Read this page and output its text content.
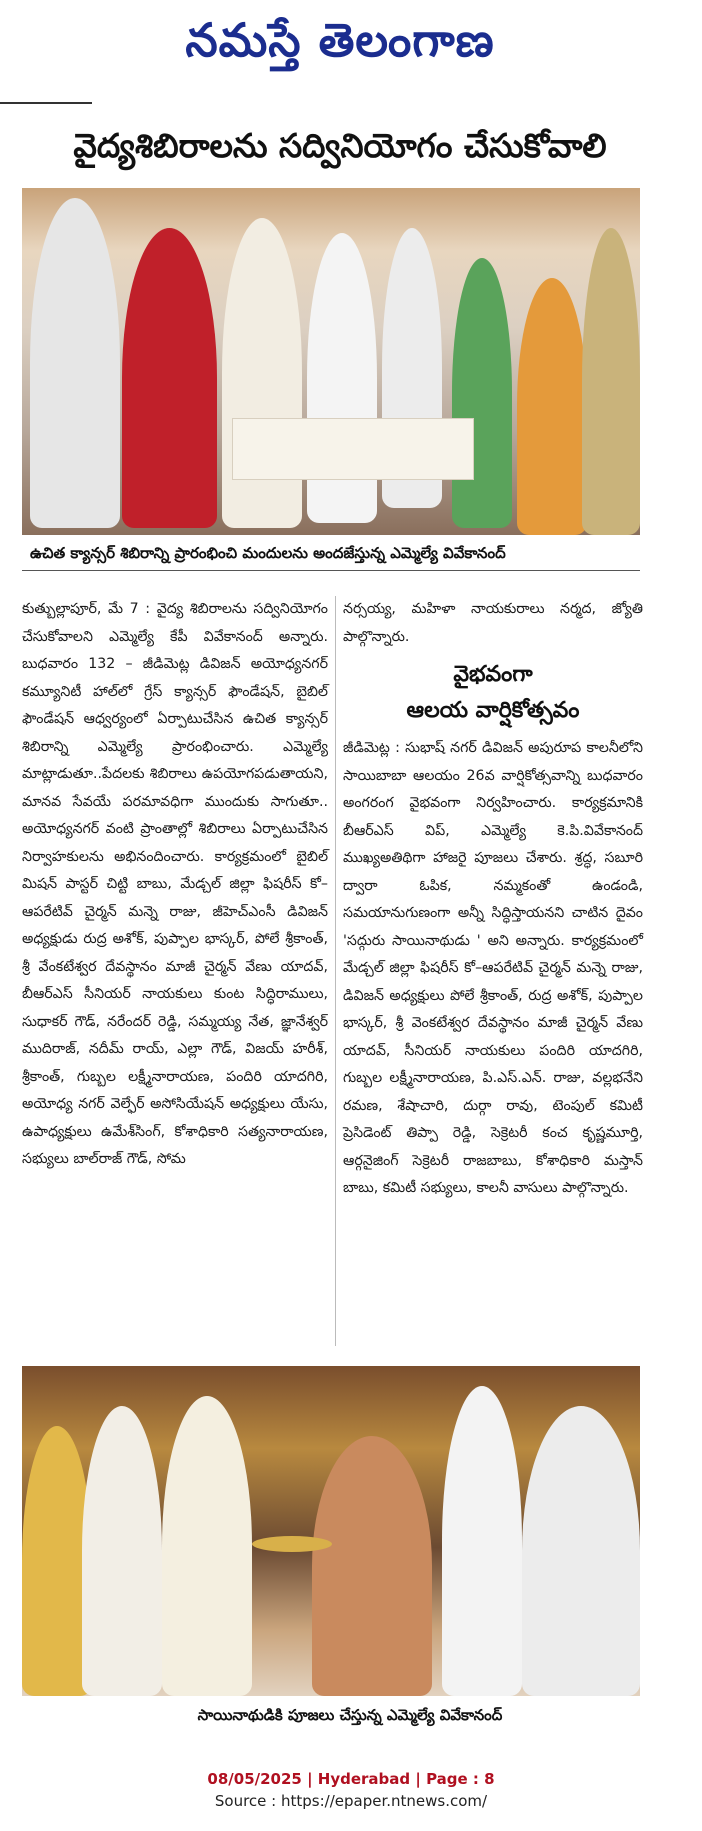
నమస్తే తెలంగాణ
వైద్యశిబిరాలను సద్వినియోగం చేసుకోవాలి
ఉచిత క్యాన్సర్ శిబిరాన్ని ప్రారంభించి మందులను అందజేస్తున్న ఎమ్మెల్యే వివేకానంద్

కుత్బుల్లాపూర్, మే 7 : వైద్య శిబిరాలను సద్వినియోగం చేసుకోవాలని ఎమ్మెల్యే కేపీ వివేకానంద్ అన్నారు. బుధవారం 132 – జీడిమెట్ల డివిజన్ అయోధ్యనగర్ కమ్యూనిటీ హాల్‌లో గ్రేస్ క్యాన్సర్ ఫౌండేషన్, బైబిల్ ఫౌండేషన్ ఆధ్వర్యంలో ఏర్పాటుచేసిన ఉచిత క్యాన్సర్ శిబిరాన్ని ఎమ్మెల్యే ప్రారంభించారు. ఎమ్మెల్యే మాట్లాడుతూ..పేదలకు శిబిరాలు ఉపయోగపడుతాయని, మానవ సేవయే పరమావధిగా ముందుకు సాగుతూ.. అయోధ్యనగర్ వంటి ప్రాంతాల్లో శిబిరాలు ఏర్పాటుచేసిన నిర్వాహకులను అభినందించారు. కార్యక్రమంలో బైబిల్ మిషన్ పాస్టర్ చిట్టి బాబు, మేడ్చల్ జిల్లా ఫిషరీస్ కో–ఆపరేటివ్ చైర్మన్ మన్నె రాజు, జీహెచ్‌ఎంసీ డివిజన్ అధ్యక్షుడు రుద్ర అశోక్, పుప్పాల భాస్కర్, పోలే శ్రీకాంత్, శ్రీ వేంకటేశ్వర దేవస్థానం మాజీ చైర్మన్ వేణు యాదవ్, బీఆర్‌ఎస్ సీనియర్ నాయకులు కుంట సిద్ధిరాములు, సుధాకర్ గౌడ్, నరేందర్ రెడ్డి, సమ్మయ్య నేత, జ్ఞానేశ్వర్ ముదిరాజ్, నదీమ్ రాయ్, ఎల్లా గౌడ్, విజయ్ హరీశ్, శ్రీకాంత్, గుబ్బల లక్ష్మీనారాయణ, పందిరి యాదగిరి, అయోధ్య నగర్ వెల్ఫేర్ అసోసియేషన్ అధ్యక్షులు యేసు, ఉపాధ్యక్షులు ఉమేశ్‌సింగ్, కోశాధికారి సత్యనారాయణ, సభ్యులు బాల్‌రాజ్ గౌడ్, సోమ

నర్సయ్య, మహిళా నాయకురాలు నర్మద, జ్యోతి పాల్గొన్నారు.

వైభవంగా
ఆలయ వార్షికోత్సవం

జీడిమెట్ల : సుభాష్ నగర్ డివిజన్ అపురూప కాలనీలోని సాయిబాబా ఆలయం 26వ వార్షికోత్సవాన్ని బుధవారం అంగరంగ వైభవంగా నిర్వహించారు. కార్యక్రమానికి బీఆర్‌ఎస్ విప్, ఎమ్మెల్యే కె.పి.వివేకానంద్ ముఖ్యఅతిథిగా హాజరై పూజలు చేశారు. శ్రద్ధ, సబూరి ద్వారా ఓపిక, నమ్మకంతో ఉండండి, సమయానుగుణంగా అన్నీ సిద్ధిస్తాయనని చాటిన దైవం 'సద్గురు సాయినాథుడు ' అని అన్నారు. కార్యక్రమంలో మేడ్చల్ జిల్లా ఫిషరీస్ కో–ఆపరేటివ్ చైర్మన్ మన్నె రాజు, డివిజన్ అధ్యక్షులు పోలే శ్రీకాంత్, రుద్ర అశోక్, పుప్పాల భాస్కర్, శ్రీ వెంకటేశ్వర దేవస్థానం మాజీ చైర్మన్ వేణు యాదవ్, సీనియర్ నాయకులు పందిరి యాదగిరి, గుబ్బల లక్ష్మీనారాయణ, పి.ఎస్.ఎన్. రాజు, వల్లభనేని రమణ, శేషాచారి, దుర్గా రావు, టెంపుల్ కమిటీ ప్రెసిడెంట్ తిప్పా రెడ్డి, సెక్రెటరీ కంచ కృష్ణమూర్తి, ఆర్గనైజింగ్ సెక్రెటరీ రాజబాబు, కోశాధికారి మస్తాన్ బాబు, కమిటీ సభ్యులు, కాలనీ వాసులు పాల్గొన్నారు.

సాయినాథుడికి పూజలు చేస్తున్న ఎమ్మెల్యే వివేకానంద్
08/05/2025 | Hyderabad | Page : 8
Source : https://epaper.ntnews.com/
